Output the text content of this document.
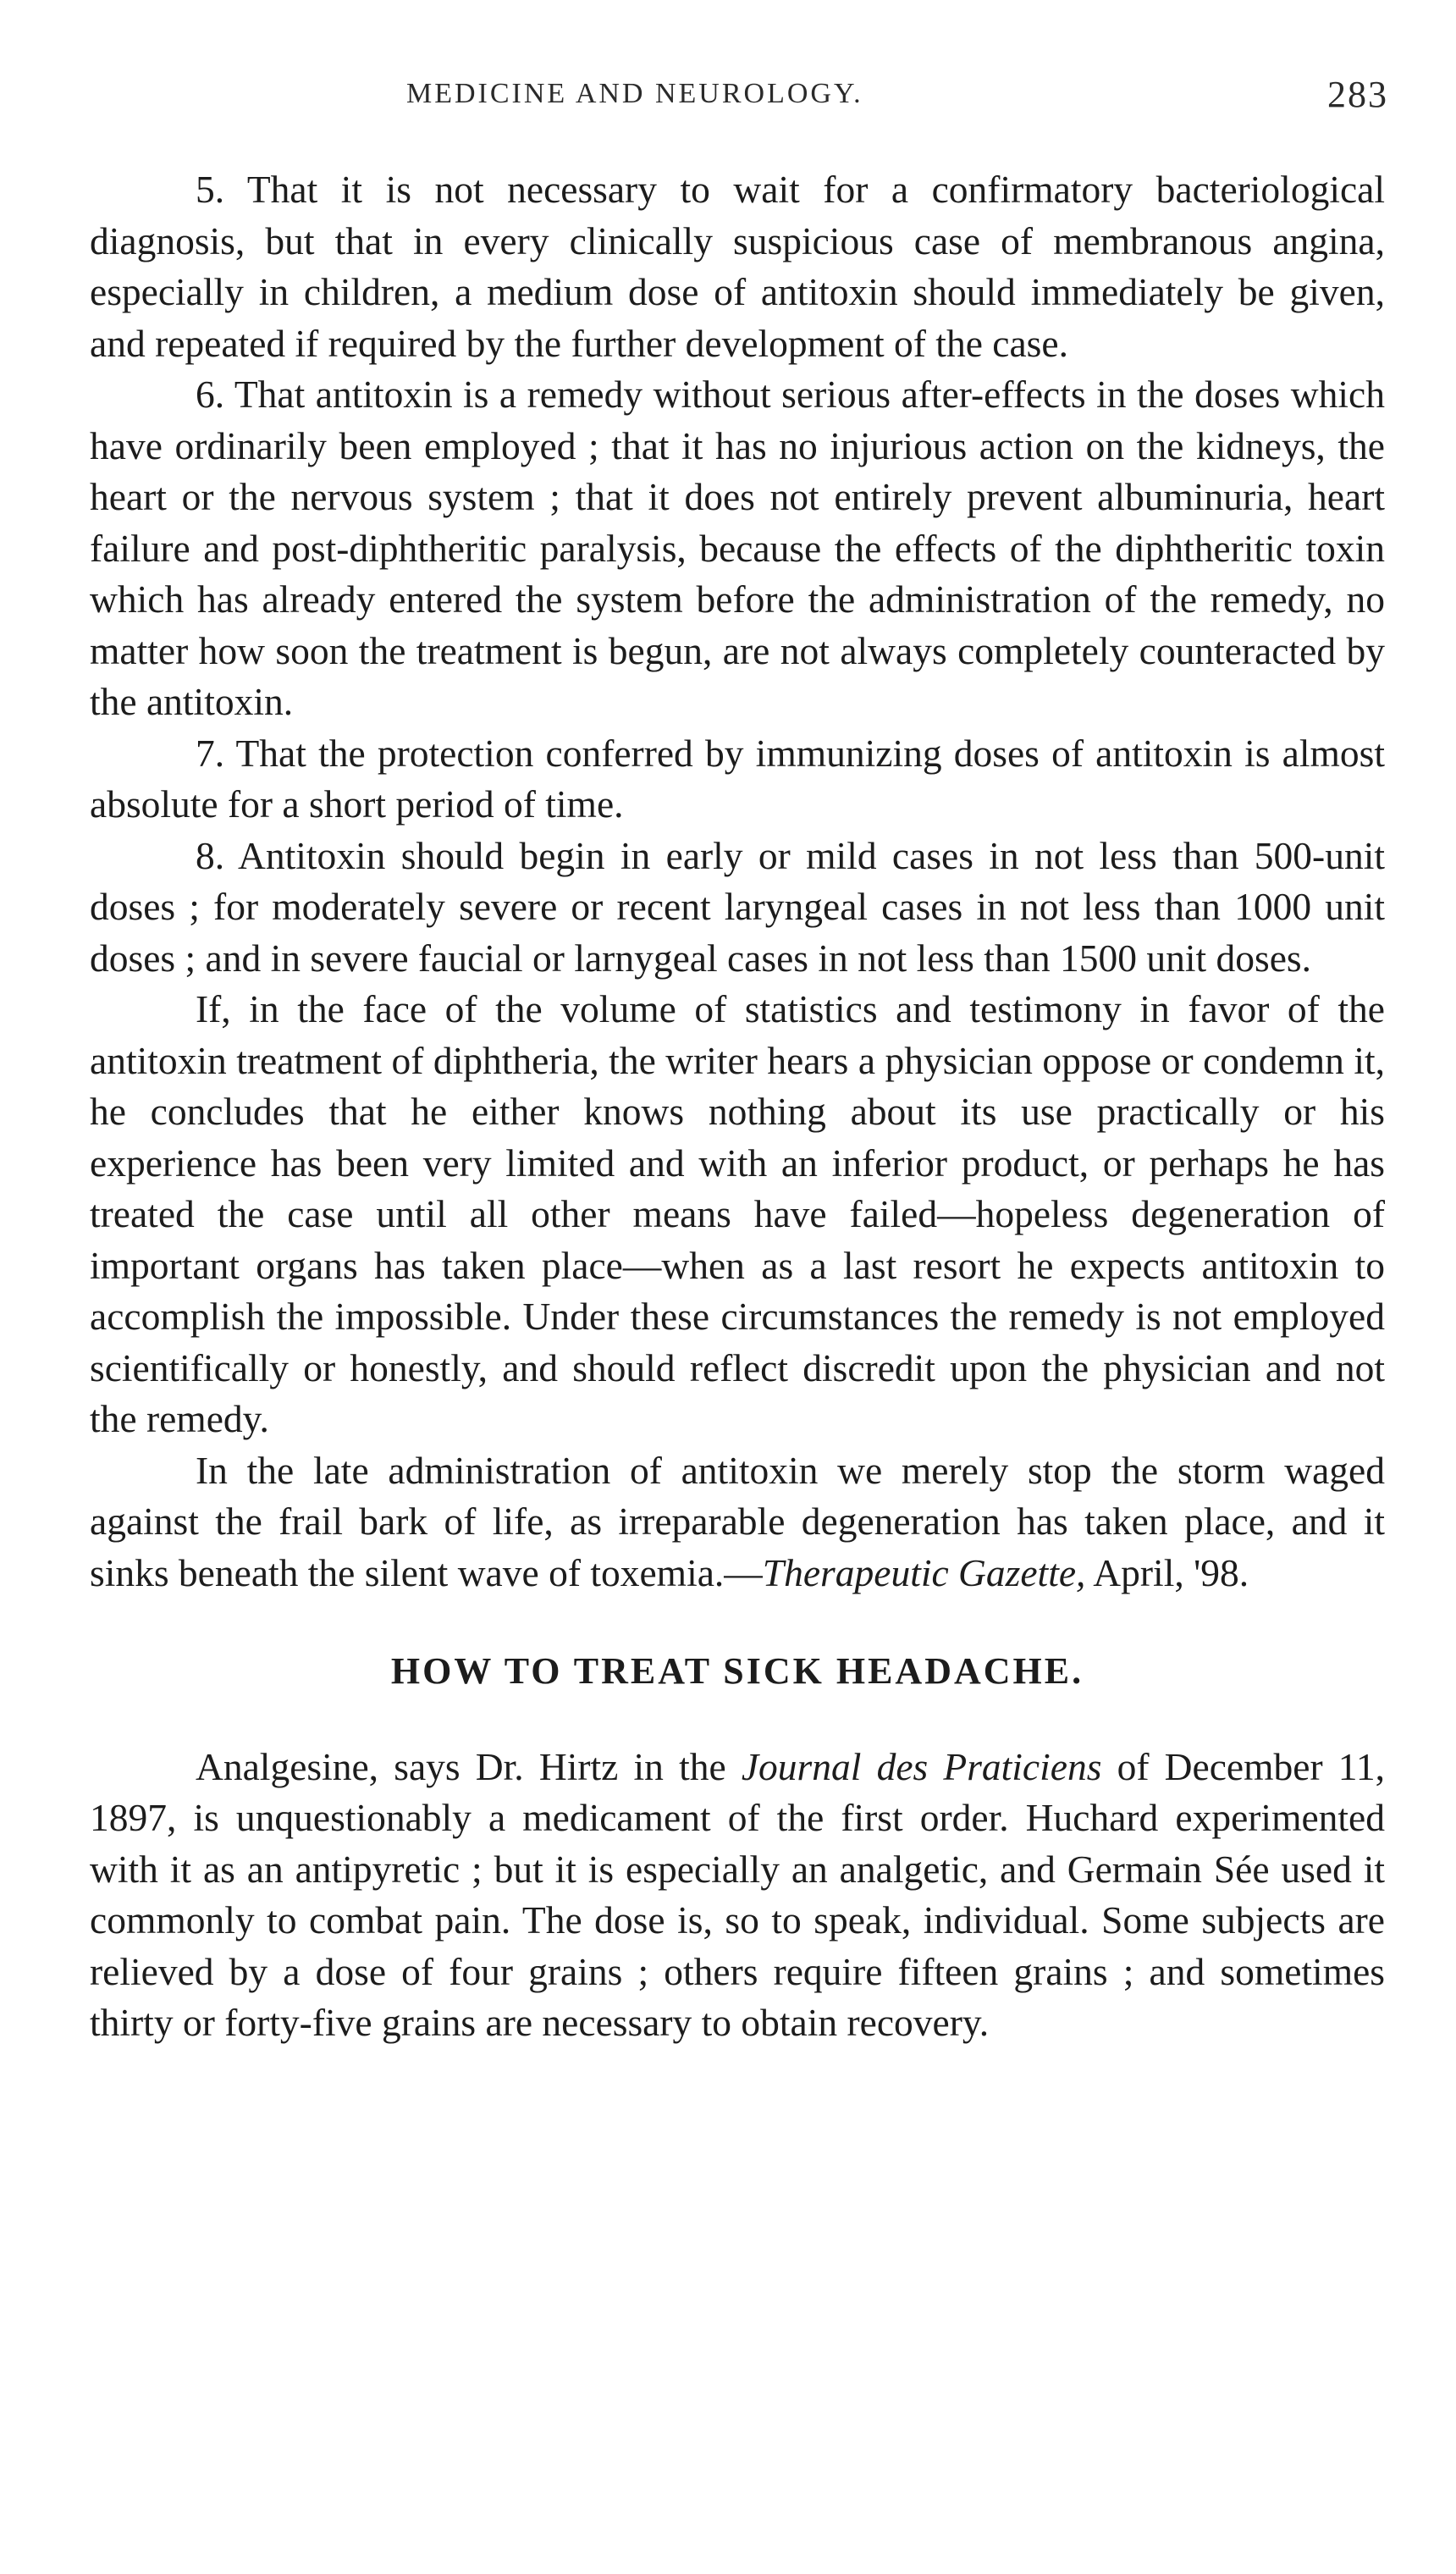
MEDICINE AND NEUROLOGY.	283

5. That it is not necessary to wait for a confirmatory bacteriological diagnosis, but that in every clinically suspicious case of membranous angina, especially in children, a medium dose of antitoxin should immediately be given, and repeated if required by the further development of the case.

6. That antitoxin is a remedy without serious after-effects in the doses which have ordinarily been employed ; that it has no injurious action on the kidneys, the heart or the nervous system ; that it does not entirely prevent albuminuria, heart failure and post-diphtheritic paralysis, because the effects of the diphtheritic toxin which has already entered the system before the administration of the remedy, no matter how soon the treatment is begun, are not always completely counteracted by the antitoxin.

7. That the protection conferred by immunizing doses of antitoxin is almost absolute for a short period of time.

8. Antitoxin should begin in early or mild cases in not less than 500-unit doses ; for moderately severe or recent laryngeal cases in not less than 1000 unit doses ; and in severe faucial or larnygeal cases in not less than 1500 unit doses.

If, in the face of the volume of statistics and testimony in favor of the antitoxin treatment of diphtheria, the writer hears a physician oppose or condemn it, he concludes that he either knows nothing about its use practically or his experience has been very limited and with an inferior product, or perhaps he has treated the case until all other means have failed—hopeless degeneration of important organs has taken place—when as a last resort he expects antitoxin to accomplish the impossible. Under these circumstances the remedy is not employed scientifically or honestly, and should reflect discredit upon the physician and not the remedy.

In the late administration of antitoxin we merely stop the storm waged against the frail bark of life, as irreparable degeneration has taken place, and it sinks beneath the silent wave of toxemia.—Therapeutic Gazette, April, '98.

HOW TO TREAT SICK HEADACHE.

Analgesine, says Dr. Hirtz in the Journal des Praticiens of December 11, 1897, is unquestionably a medicament of the first order. Huchard experimented with it as an antipyretic ; but it is especially an analgetic, and Germain Sée used it commonly to combat pain. The dose is, so to speak, individual. Some subjects are relieved by a dose of four grains ; others require fifteen grains ; and sometimes thirty or forty-five grains are necessary to obtain recovery.
